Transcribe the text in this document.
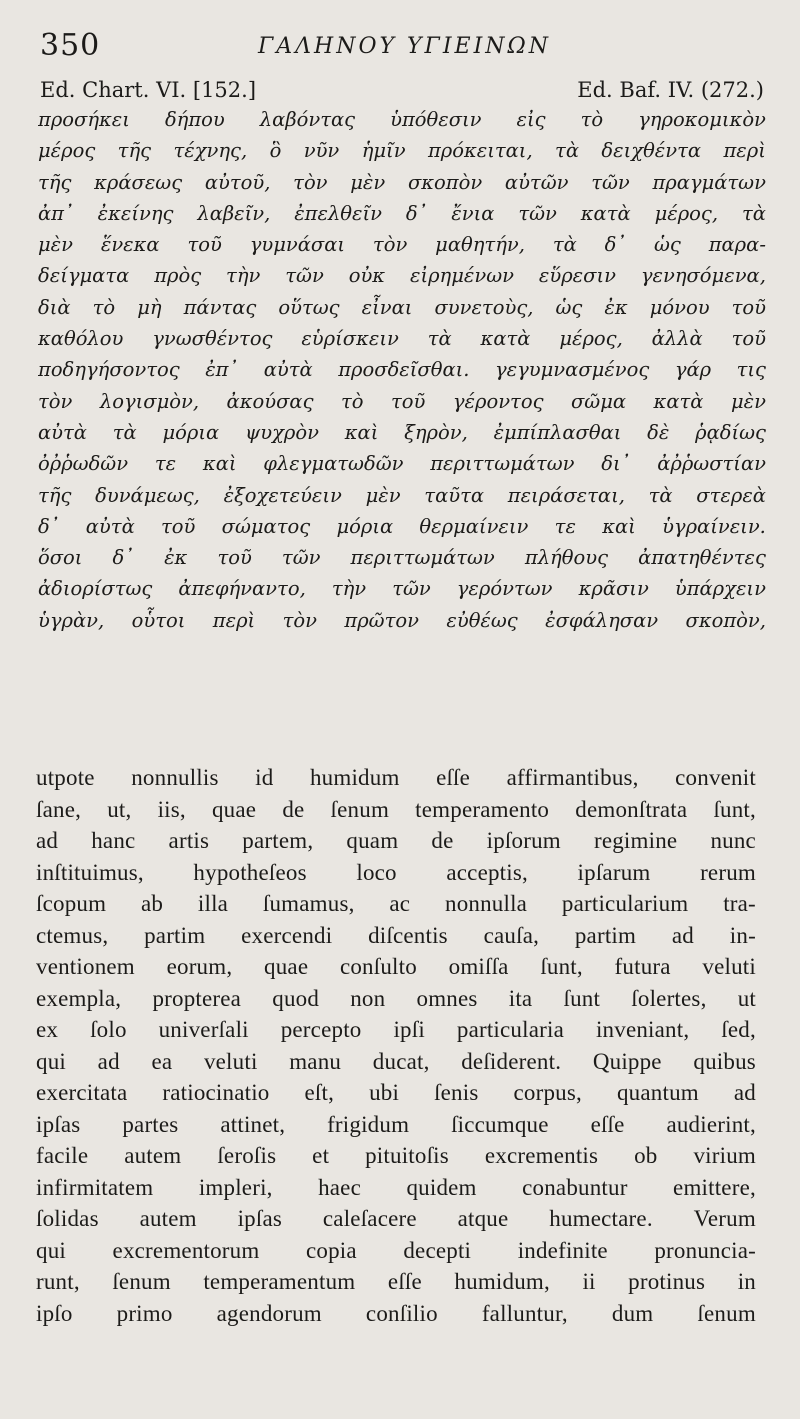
350	ΓΑΛΗΝΟΥ ΥΓΙΕΙΝΩΝ
Ed. Chart. VI. [152.]	Ed. Baf. IV. (272.)
προσήκει δήπου λαβόντας ὑπόθεσιν εἰς τὸ γηροκομικὸν
μέρος τῆς τέχνης, ὃ νῦν ἡμῖν πρόκειται, τὰ δειχθέντα περὶ
τῆς κράσεως αὐτοῦ, τὸν μὲν σκοπὸν αὐτῶν τῶν πραγμάτων
ἀπ᾿ ἐκείνης λαβεῖν, ἐπελθεῖν δ᾿ ἔνια τῶν κατὰ μέρος, τὰ
μὲν ἕνεκα τοῦ γυμνάσαι τὸν μαθητήν, τὰ δ᾿ ὡς παρα-
δείγματα πρὸς τὴν τῶν οὐκ εἰρημένων εὕρεσιν γενησόμενα,
διὰ τὸ μὴ πάντας οὕτως εἶναι συνετοὺς, ὡς ἐκ μόνου τοῦ
καθόλου γνωσθέντος εὑρίσκειν τὰ κατὰ μέρος, ἀλλὰ τοῦ
ποδηγήσοντος ἐπ᾿ αὐτὰ προσδεῖσθαι. γεγυμνασμένος γάρ τις
τὸν λογισμὸν, ἀκούσας τὸ τοῦ γέροντος σῶμα κατὰ μὲν
αὐτὰ τὰ μόρια ψυχρὸν καὶ ξηρὸν, ἐμπίπλασθαι δὲ ῥᾳδίως
ὀῤῥωδῶν τε καὶ φλεγματωδῶν περιττωμάτων δι᾿ ἀῤῥωστίαν
τῆς δυνάμεως, ἐξοχετεύειν μὲν ταῦτα πειράσεται, τὰ στερεὰ
δ᾿ αὐτὰ τοῦ σώματος μόρια θερμαίνειν τε καὶ ὑγραίνειν.
ὅσοι δ᾿ ἐκ τοῦ τῶν περιττωμάτων πλήθους ἀπατηθέντες
ἀδιορίστως ἀπεφήναντο, τὴν τῶν γερόντων κρᾶσιν ὑπάρχειν
ὑγρὰν, οὗτοι περὶ τὸν πρῶτον εὐθέως ἐσφάλησαν σκοπὸν,
utpote nonnullis id humidum eſſe affirmantibus, convenit
ſane, ut, iis, quae de ſenum temperamento demonſtrata ſunt,
ad hanc artis partem, quam de ipſorum regimine nunc
inſtituimus, hypotheſeos loco acceptis, ipſarum rerum
ſcopum ab illa ſumamus, ac nonnulla particularium tra-
ctemus, partim exercendi diſcentis cauſa, partim ad in-
ventionem eorum, quae conſulto omiſſa ſunt, futura veluti
exempla, propterea quod non omnes ita ſunt ſolertes, ut
ex ſolo univerſali percepto ipſi particularia inveniant, ſed,
qui ad ea veluti manu ducat, deſiderent. Quippe quibus
exercitata ratiocinatio eſt, ubi ſenis corpus, quantum ad
ipſas partes attinet, frigidum ſiccumque eſſe audierint,
facile autem ſeroſis et pituitoſis excrementis ob virium
infirmitatem impleri, haec quidem conabuntur emittere,
ſolidas autem ipſas caleſacere atque humectare. Verum
qui excrementorum copia decepti indefinite pronuncia-
runt, ſenum temperamentum eſſe humidum, ii protinus in
ipſo primo agendorum conſilio falluntur, dum ſenum
